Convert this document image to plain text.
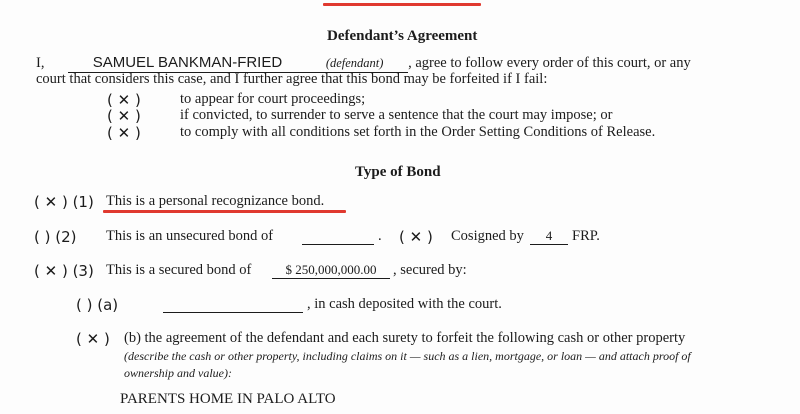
Defendant’s Agreement
I,	SAMUEL BANKMAN-FRIED	(defendant) , agree to follow every order of this court, or any
court that considers this case, and I further agree that this bond may be forfeited if I fail:
( ✕ )	to appear for court proceedings;
( ✕ )	if convicted, to surrender to serve a sentence that the court may impose; or
( ✕ )	to comply with all conditions set forth in the Order Setting Conditions of Release.
Type of Bond
( ✕ ) (1) This is a personal recognizance bond.
( ) (2) This is an unsecured bond of	. ( ✕ ) Cosigned by	4	FRP.
( ✕ ) (3) This is a secured bond of	$ 250,000,000.00	, secured by:
( ) (a)	, in cash deposited with the court.
( ✕ ) (b) the agreement of the defendant and each surety to forfeit the following cash or other property
(describe the cash or other property, including claims on it — such as a lien, mortgage, or loan — and attach proof of
ownership and value):
PARENTS HOME IN PALO ALTO
